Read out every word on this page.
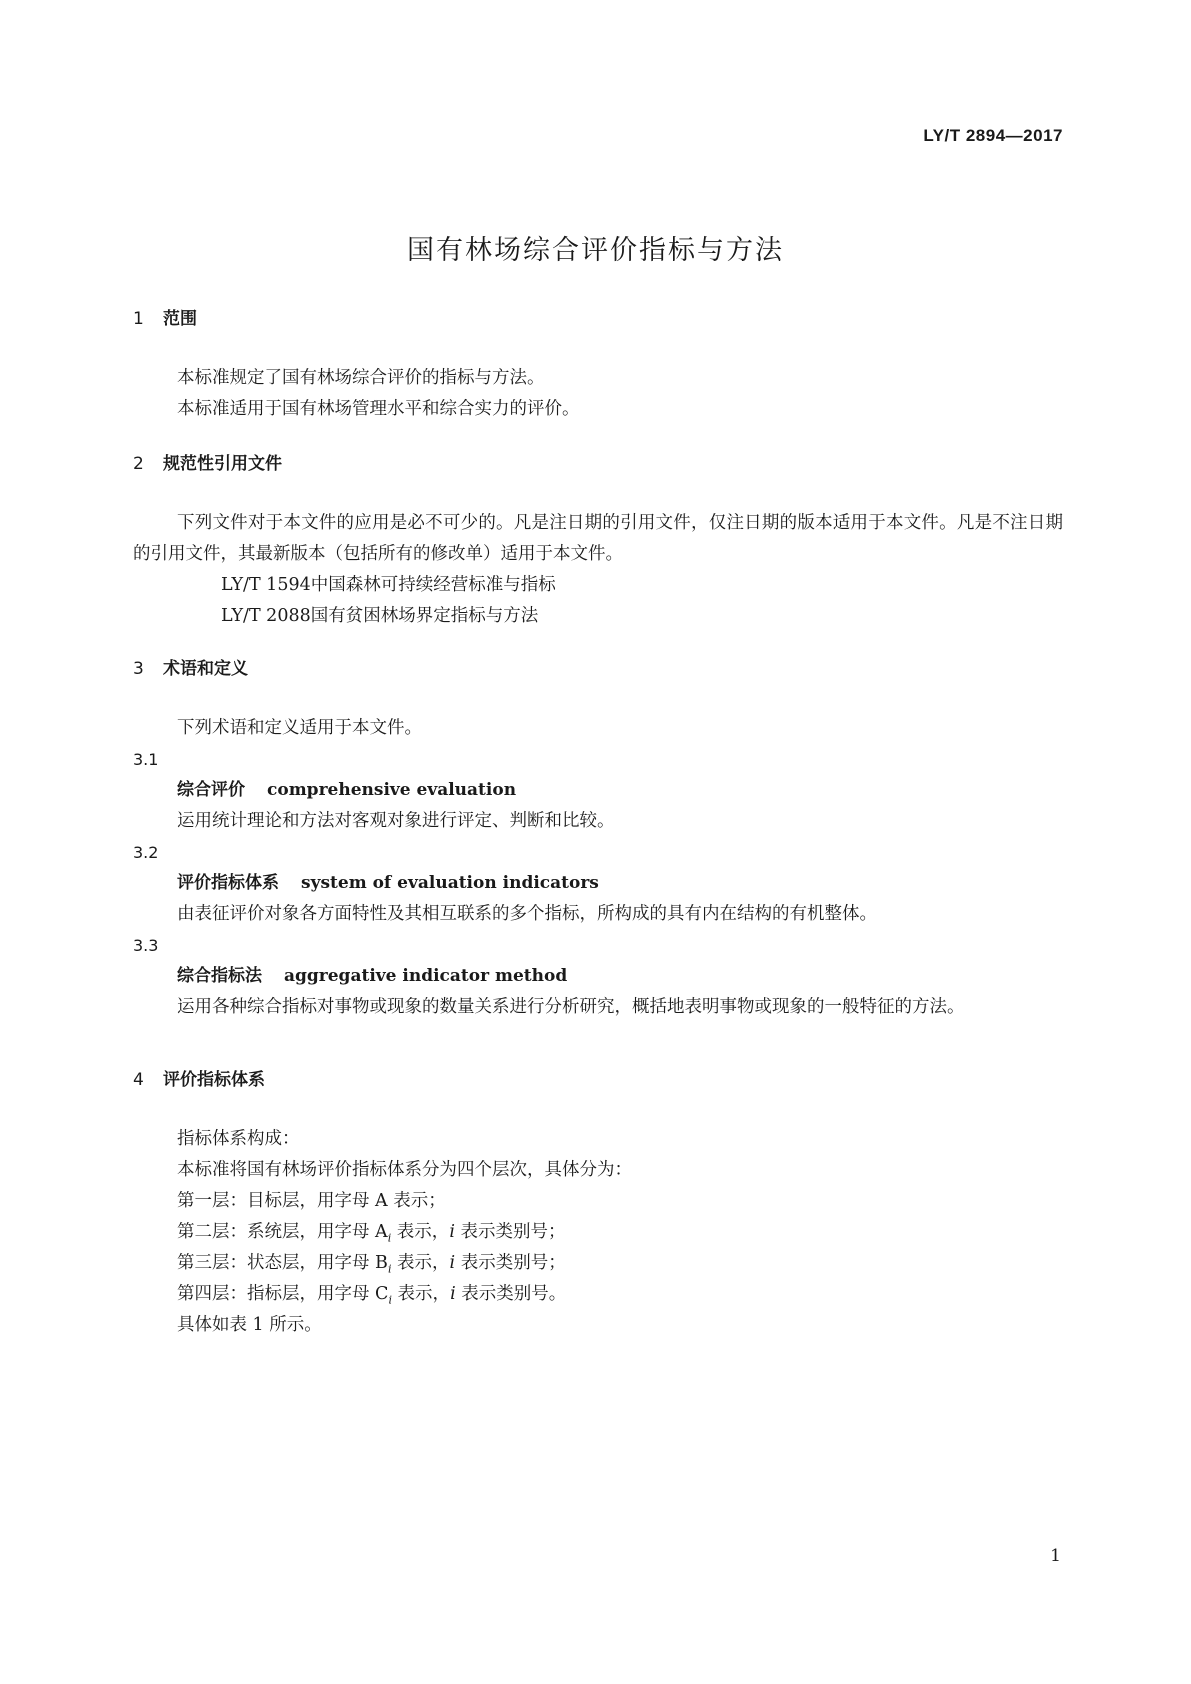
LY/T 2894—2017
国有林场综合评价指标与方法
1 范围
本标准规定了国有林场综合评价的指标与方法。
本标准适用于国有林场管理水平和综合实力的评价。
2 规范性引用文件
下列文件对于本文件的应用是必不可少的。凡是注日期的引用文件，仅注日期的版本适用于本文件。凡是不注日期的引用文件，其最新版本（包括所有的修改单）适用于本文件。
LY/T 1594中国森林可持续经营标准与指标
LY/T 2088国有贫困林场界定指标与方法
3 术语和定义
下列术语和定义适用于本文件。
3.1
综合评价 comprehensive evaluation
运用统计理论和方法对客观对象进行评定、判断和比较。
3.2
评价指标体系 system of evaluation indicators
由表征评价对象各方面特性及其相互联系的多个指标，所构成的具有内在结构的有机整体。
3.3
综合指标法 aggregative indicator method
运用各种综合指标对事物或现象的数量关系进行分析研究，概括地表明事物或现象的一般特征的方法。
4 评价指标体系
指标体系构成：
本标准将国有林场评价指标体系分为四个层次，具体分为：
第一层：目标层，用字母 A 表示；
第二层：系统层，用字母 $A_i$ 表示，i 表示类别号；
第三层：状态层，用字母 $B_i$ 表示，i 表示类别号；
第四层：指标层，用字母 $C_i$ 表示，i 表示类别号。
具体如表 1 所示。
1
